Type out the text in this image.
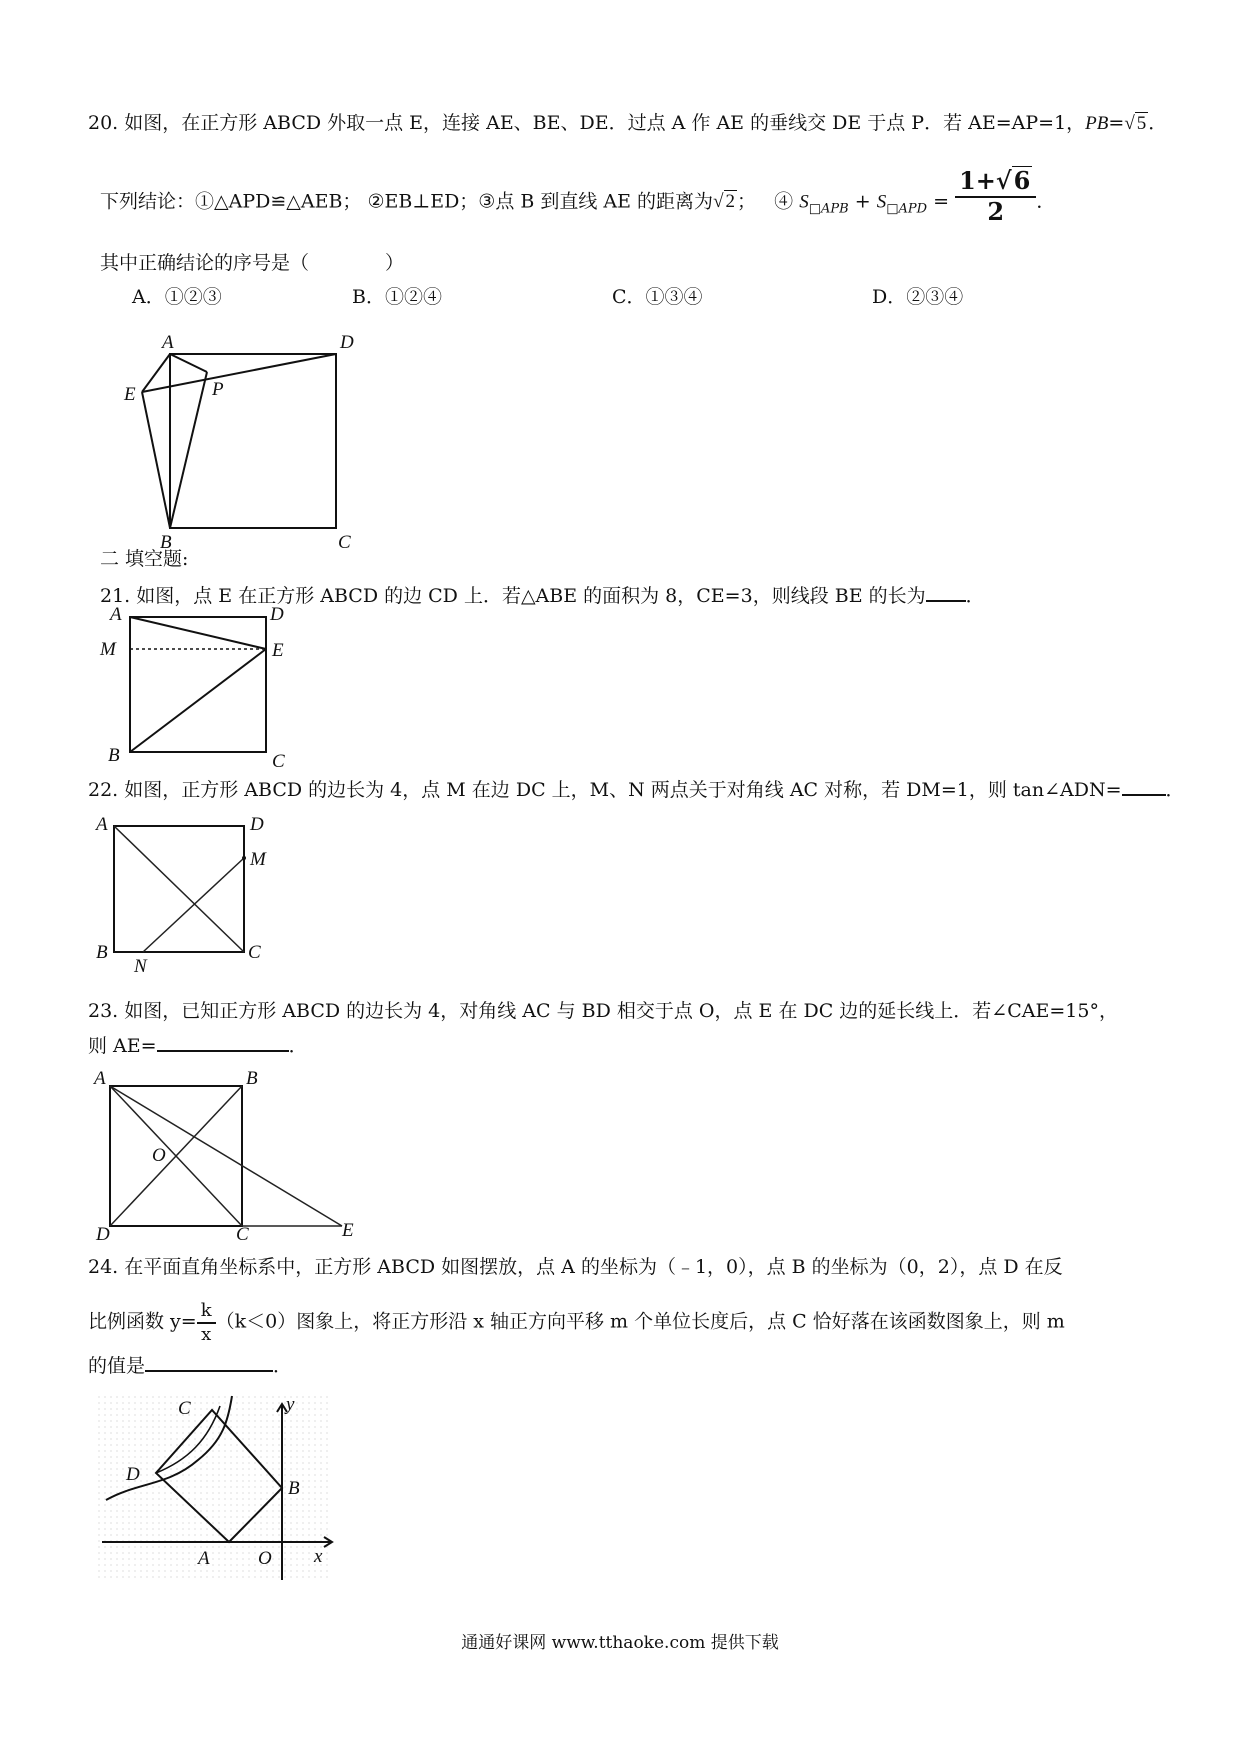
20. 如图，在正方形 ABCD 外取一点 E，连接 AE、BE、DE．过点 A 作 AE 的垂线交 DE 于点 P．若 AE=AP=1，PB=√ 5 ．
下列结论：①△APD≌△AEB； ②EB⊥ED；③点 B 到直线 AE 的距离为√ 2 ； ④ $S_{□APB} + S_{□APD} = \frac{1+√6}{2}$ ．
其中正确结论的序号是（　　　　）
A．①②③	B．①②④	C．①③④	D．②③④
A	D
E	P
B	C
二 填空题:
21. 如图，点 E 在正方形 ABCD 的边 CD 上．若△ABE 的面积为 8，CE=3，则线段 BE 的长为 ．
A	D
M	E
B	C
22. 如图，正方形 ABCD 的边长为 4，点 M 在边 DC 上，M、N 两点关于对角线 AC 对称，若 DM=1，则 tan∠ADN= ．
A	D
M
B
N
C
23. 如图，已知正方形 ABCD 的边长为 4，对角线 AC 与 BD 相交于点 O，点 E 在 DC 边的延长线上．若∠CAE=15°，
则 AE=	．
A	B
O
D	C	E
24. 在平面直角坐标系中，正方形 ABCD 如图摆放，点 A 的坐标为（﹣1，0），点 B 的坐标为（0，2），点 D 在反
比例函数 $y= \frac{k}{x} (k<0)$图象上，将正方形沿 x 轴正方向平移 m 个单位长度后，点 C 恰好落在该函数图象上，则 m
的值是	．
y
C
B
D
A	O x
通通好课网 www.tthaoke.com 提供下载
